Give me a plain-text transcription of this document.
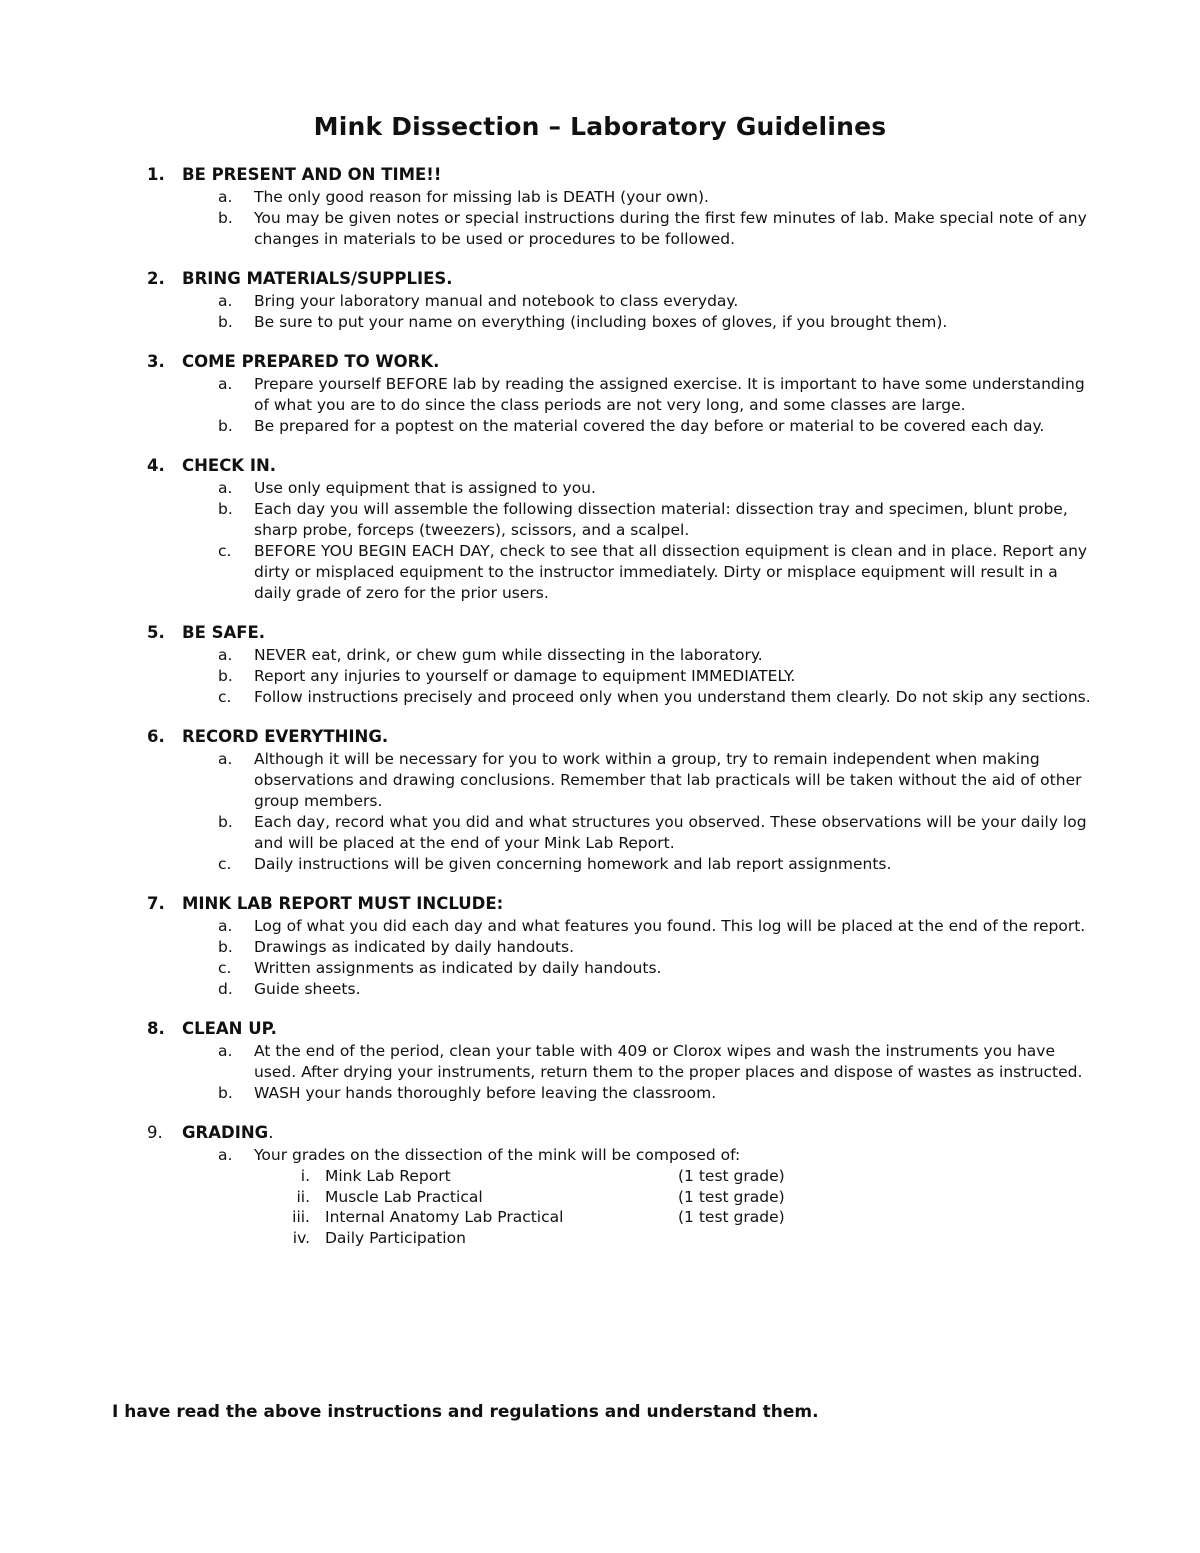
Mink Dissection – Laboratory Guidelines
1.	BE PRESENT AND ON TIME!!
a.	The only good reason for missing lab is DEATH (your own).
b.	You may be given notes or special instructions during the first few minutes of lab. Make special note of any changes in materials to be used or procedures to be followed.
2.	BRING MATERIALS/SUPPLIES.
a.	Bring your laboratory manual and notebook to class everyday.
b.	Be sure to put your name on everything (including boxes of gloves, if you brought them).
3.	COME PREPARED TO WORK.
a.	Prepare yourself BEFORE lab by reading the assigned exercise. It is important to have some understanding of what you are to do since the class periods are not very long, and some classes are large.
b.	Be prepared for a poptest on the material covered the day before or material to be covered each day.
4.	CHECK IN.
a.	Use only equipment that is assigned to you.
b.	Each day you will assemble the following dissection material: dissection tray and specimen, blunt probe, sharp probe, forceps (tweezers), scissors, and a scalpel.
c.	BEFORE YOU BEGIN EACH DAY, check to see that all dissection equipment is clean and in place. Report any dirty or misplaced equipment to the instructor immediately. Dirty or misplace equipment will result in a daily grade of zero for the prior users.
5.	BE SAFE.
a.	NEVER eat, drink, or chew gum while dissecting in the laboratory.
b.	Report any injuries to yourself or damage to equipment IMMEDIATELY.
c.	Follow instructions precisely and proceed only when you understand them clearly. Do not skip any sections.
6.	RECORD EVERYTHING.
a.	Although it will be necessary for you to work within a group, try to remain independent when making observations and drawing conclusions. Remember that lab practicals will be taken without the aid of other group members.
b.	Each day, record what you did and what structures you observed. These observations will be your daily log and will be placed at the end of your Mink Lab Report.
c.	Daily instructions will be given concerning homework and lab report assignments.
7.	MINK LAB REPORT MUST INCLUDE:
a.	Log of what you did each day and what features you found. This log will be placed at the end of the report.
b.	Drawings as indicated by daily handouts.
c.	Written assignments as indicated by daily handouts.
d.	Guide sheets.
8.	CLEAN UP.
a.	At the end of the period, clean your table with 409 or Clorox wipes and wash the instruments you have used. After drying your instruments, return them to the proper places and dispose of wastes as instructed.
b.	WASH your hands thoroughly before leaving the classroom.
9.	GRADING.
a.	Your grades on the dissection of the mink will be composed of:
i. Mink Lab Report	(1 test grade)
ii. Muscle Lab Practical	(1 test grade)
iii. Internal Anatomy Lab Practical	(1 test grade)
iv. Daily Participation
I have read the above instructions and regulations and understand them.
